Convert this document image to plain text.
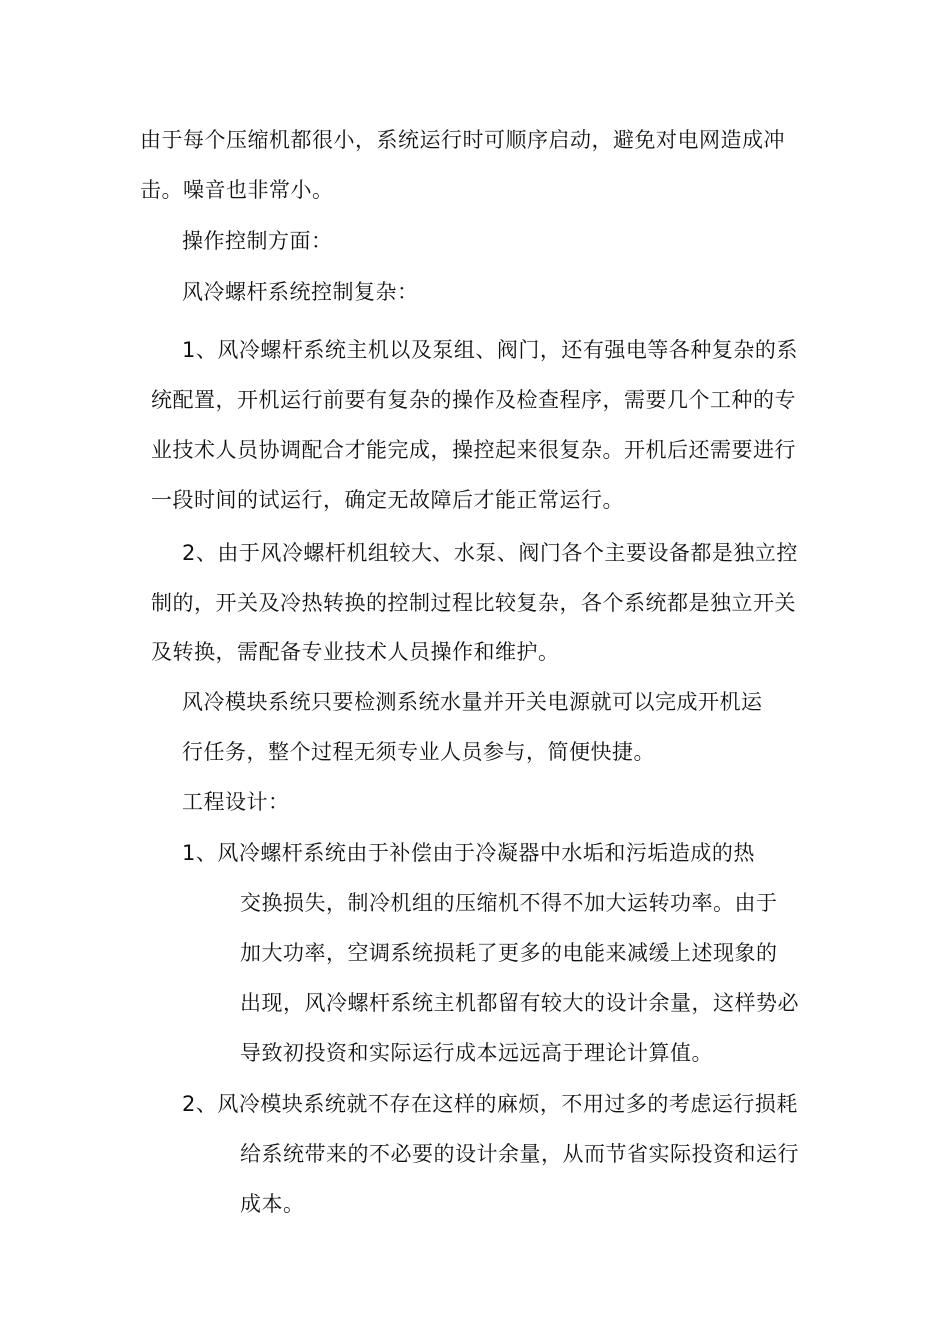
由于每个压缩机都很小，系统运行时可顺序启动，避免对电网造成冲
击。噪音也非常小。
操作控制方面：
风冷螺杆系统控制复杂：
1、风冷螺杆系统主机以及泵组、阀门，还有强电等各种复杂的系
统配置，开机运行前要有复杂的操作及检查程序，需要几个工种的专
业技术人员协调配合才能完成，操控起来很复杂。开机后还需要进行
一段时间的试运行，确定无故障后才能正常运行。
2、由于风冷螺杆机组较大、水泵、阀门各个主要设备都是独立控
制的，开关及冷热转换的控制过程比较复杂，各个系统都是独立开关
及转换，需配备专业技术人员操作和维护。
风冷模块系统只要检测系统水量并开关电源就可以完成开机运
行任务，整个过程无须专业人员参与，简便快捷。
工程设计：
1、风冷螺杆系统由于补偿由于冷凝器中水垢和污垢造成的热
交换损失，制冷机组的压缩机不得不加大运转功率。由于
加大功率，空调系统损耗了更多的电能来减缓上述现象的
出现，风冷螺杆系统主机都留有较大的设计余量，这样势必
导致初投资和实际运行成本远远高于理论计算值。
2、风冷模块系统就不存在这样的麻烦，不用过多的考虑运行损耗
给系统带来的不必要的设计余量，从而节省实际投资和运行
成本。
